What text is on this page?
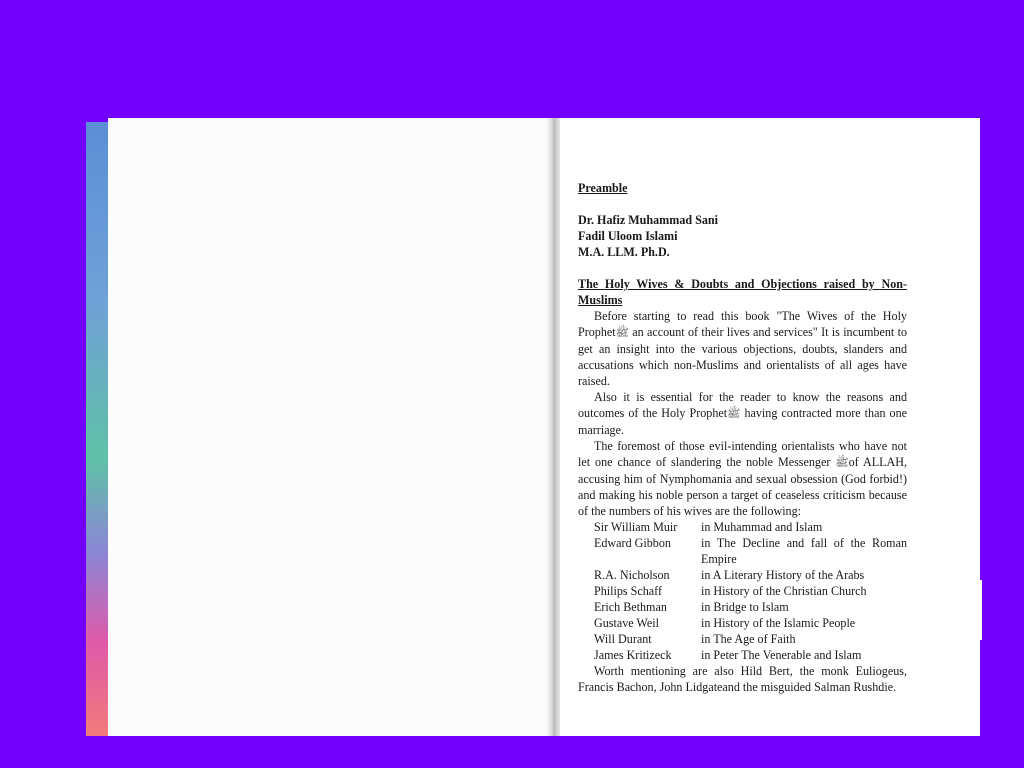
Preamble
Dr. Hafiz Muhammad Sani
Fadil Uloom Islami
M.A. LLM. Ph.D.
The Holy Wives & Doubts and Objections raised by Non-Muslims

Before starting to read this book "The Wives of the Holy Prophetﷺ an account of their lives and services" It is incumbent to get an insight into the various objections, doubts, slanders and accusations which non-Muslims and orientalists of all ages have raised.

Also it is essential for the reader to know the reasons and outcomes of the Holy Prophetﷺ having contracted more than one marriage.

The foremost of those evil-intending orientalists who have not let one chance of slandering the noble Messenger ﷺof ALLAH, accusing him of Nymphomania and sexual obsession (God forbid!) and making his noble person a target of ceaseless criticism because of the numbers of his wives are the following:

Sir William Muir	in Muhammad and Islam
Edward Gibbon	in The Decline and fall of the Roman Empire
R.A. Nicholson	in A Literary History of the Arabs
Philips Schaff	in History of the Christian Church
Erich Bethman	in Bridge to Islam
Gustave Weil	in History of the Islamic People
Will Durant	in The Age of Faith
James Kritizeck	in Peter The Venerable and Islam

Worth mentioning are also Hild Bert, the monk Euliogeus, Francis Bachon, John Lidgateand the misguided Salman Rushdie.
